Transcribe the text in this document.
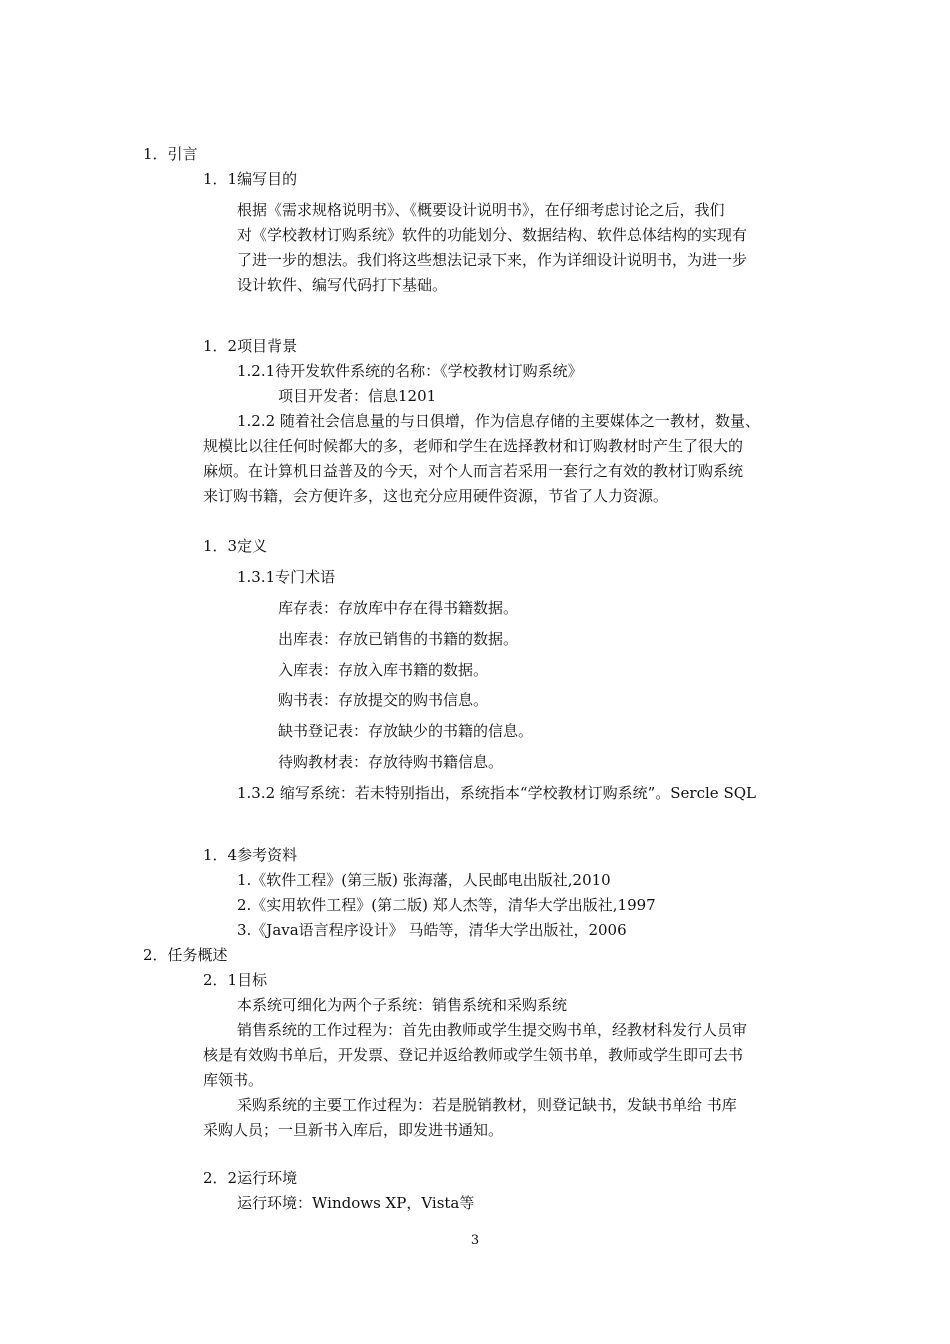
1．引言
1．1编写目的
根据《需求规格说明书》、《概要设计说明书》，在仔细考虑讨论之后，我们
对《学校教材订购系统》软件的功能划分、数据结构、软件总体结构的实现有
了进一步的想法。我们将这些想法记录下来，作为详细设计说明书，为进一步
设计软件、编写代码打下基础。
1．2项目背景
1.2.1待开发软件系统的名称：《学校教材订购系统》
项目开发者：信息1201
1.2.2 随着社会信息量的与日俱增，作为信息存储的主要媒体之一教材，数量、
规模比以往任何时候都大的多，老师和学生在选择教材和订购教材时产生了很大的
麻烦。在计算机日益普及的今天，对个人而言若采用一套行之有效的教材订购系统
来订购书籍，会方便许多，这也充分应用硬件资源，节省了人力资源。
1．3定义
1.3.1专门术语
库存表：存放库中存在得书籍数据。
出库表：存放已销售的书籍的数据。
入库表：存放入库书籍的数据。
购书表：存放提交的购书信息。
缺书登记表：存放缺少的书籍的信息。
待购教材表：存放待购书籍信息。
1.3.2 缩写系统：若未特别指出，系统指本“学校教材订购系统”。Sercle SQL
1．4参考资料
1.《软件工程》(第三版) 张海藩，人民邮电出版社,2010
2.《实用软件工程》(第二版) 郑人杰等，清华大学出版社,1997
3.《Java语言程序设计》 马皓等，清华大学出版社，2006
2．任务概述
2．1目标
本系统可细化为两个子系统：销售系统和采购系统
销售系统的工作过程为：首先由教师或学生提交购书单，经教材科发行人员审
核是有效购书单后，开发票、登记并返给教师或学生领书单，教师或学生即可去书
库领书。
采购系统的主要工作过程为：若是脱销教材，则登记缺书，发缺书单给 书库
采购人员；一旦新书入库后，即发进书通知。
2．2运行环境
运行环境：Windows XP，Vista等
3
